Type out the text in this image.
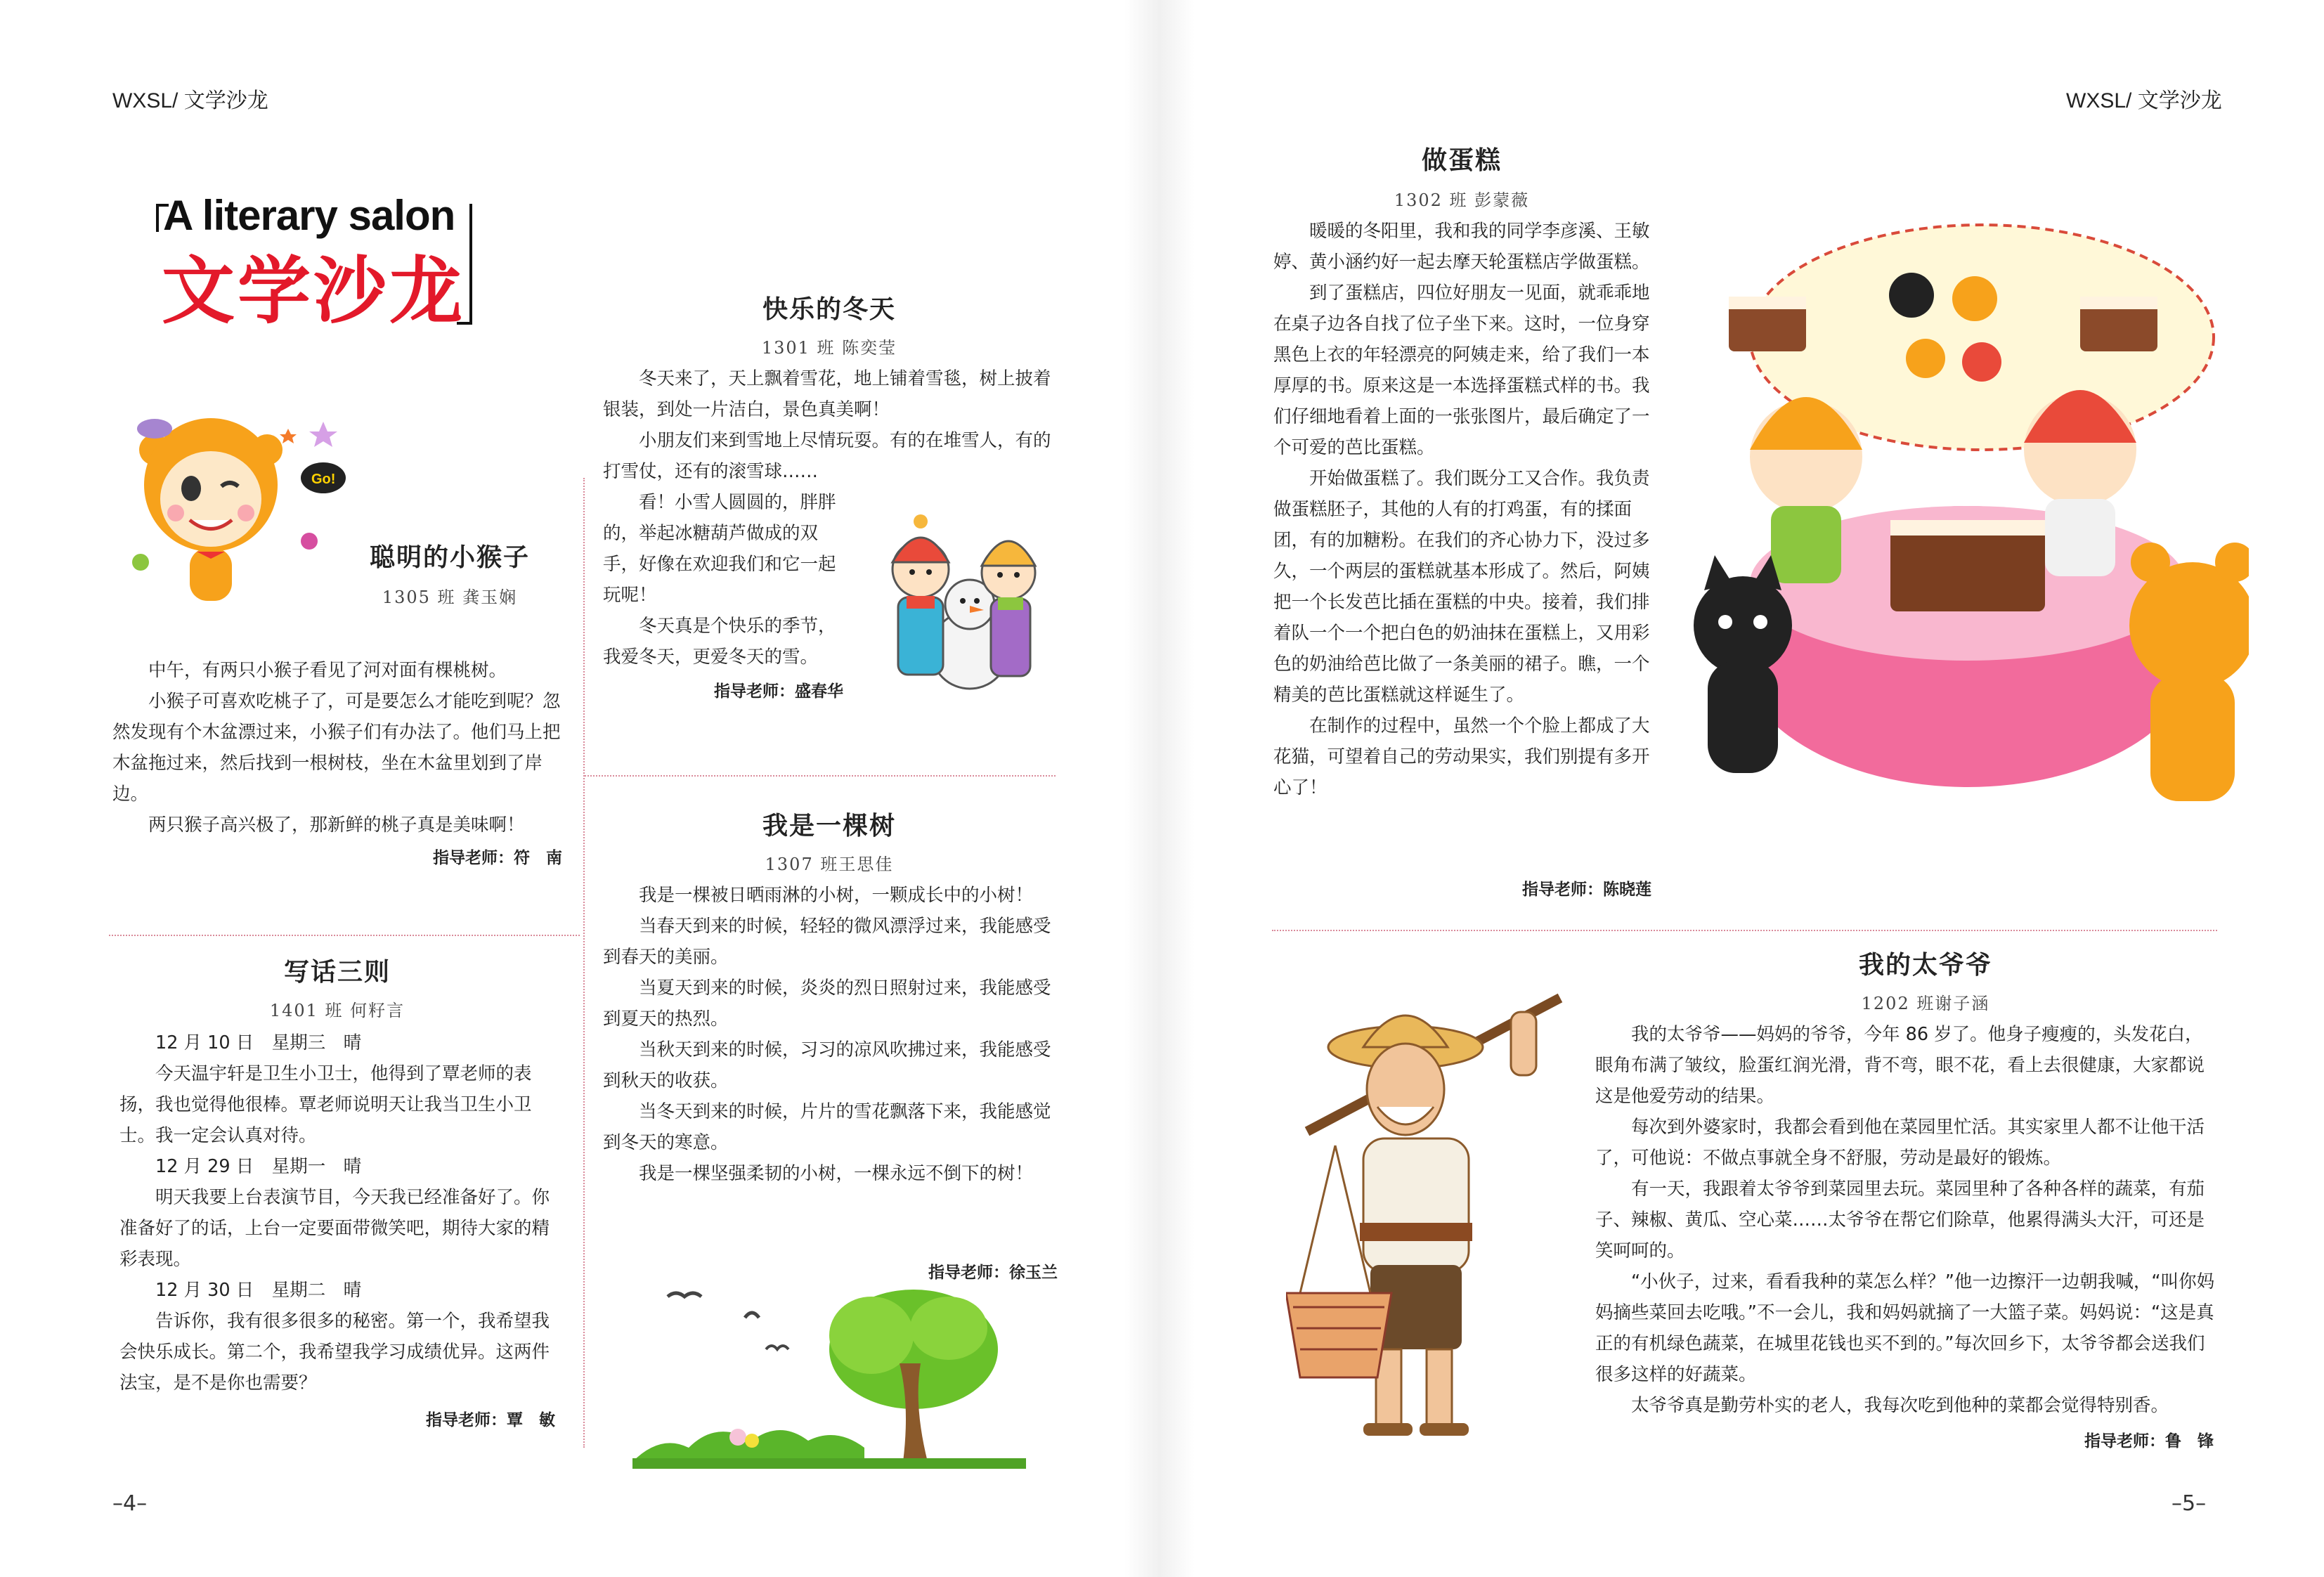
WXSL/ 文学沙龙	WXSL/ 文学沙龙
A literary salon
文学沙龙
Go!
聪明的小猴子
1305 班 龚玉娴

中午，有两只小猴子看见了河对面有棵桃树。

小猴子可喜欢吃桃子了，可是要怎么才能吃到呢？忽然发现有个木盆漂过来，小猴子们有办法了。他们马上把木盆拖过来，然后找到一根树枝，坐在木盆里划到了岸边。

两只猴子高兴极了，那新鲜的桃子真是美味啊！

指导老师：符　南
写话三则
1401 班 何籽言

12 月 10 日　星期三　晴

今天温宇轩是卫生小卫士，他得到了覃老师的表扬，我也觉得他很棒。覃老师说明天让我当卫生小卫士。我一定会认真对待。

12 月 29 日　星期一　晴

明天我要上台表演节目，今天我已经准备好了。你准备好了的话，上台一定要面带微笑吧，期待大家的精彩表现。

12 月 30 日　星期二　晴

告诉你，我有很多很多的秘密。第一个，我希望我会快乐成长。第二个，我希望我学习成绩优异。这两件法宝，是不是你也需要？

指导老师：覃　敏
快乐的冬天
1301 班 陈奕莹

冬天来了，天上飘着雪花，地上铺着雪毯，树上披着银装，到处一片洁白，景色真美啊！

小朋友们来到雪地上尽情玩耍。有的在堆雪人，有的打雪仗，还有的滚雪球……

看！小雪人圆圆的，胖胖的，举起冰糖葫芦做成的双手，好像在欢迎我们和它一起玩呢！

冬天真是个快乐的季节，我爱冬天，更爱冬天的雪。

指导老师：盛春华
我是一棵树
1307 班王思佳

我是一棵被日晒雨淋的小树，一颗成长中的小树！

当春天到来的时候，轻轻的微风漂浮过来，我能感受到春天的美丽。

当夏天到来的时候，炎炎的烈日照射过来，我能感受到夏天的热烈。

当秋天到来的时候，习习的凉风吹拂过来，我能感受到秋天的收获。

当冬天到来的时候，片片的雪花飘落下来，我能感觉到冬天的寒意。

我是一棵坚强柔韧的小树，一棵永远不倒下的树！

指导老师：徐玉兰
做蛋糕
1302 班 彭蒙薇

暖暖的冬阳里，我和我的同学李彦溪、王敏婷、黄小涵约好一起去摩天轮蛋糕店学做蛋糕。

到了蛋糕店，四位好朋友一见面，就乖乖地在桌子边各自找了位子坐下来。这时，一位身穿黑色上衣的年轻漂亮的阿姨走来，给了我们一本厚厚的书。原来这是一本选择蛋糕式样的书。我们仔细地看着上面的一张张图片，最后确定了一个可爱的芭比蛋糕。

开始做蛋糕了。我们既分工又合作。我负责做蛋糕胚子，其他的人有的打鸡蛋，有的揉面团，有的加糖粉。在我们的齐心协力下，没过多久，一个两层的蛋糕就基本形成了。然后，阿姨把一个长发芭比插在蛋糕的中央。接着，我们排着队一个一个把白色的奶油抹在蛋糕上，又用彩色的奶油给芭比做了一条美丽的裙子。瞧，一个精美的芭比蛋糕就这样诞生了。

在制作的过程中，虽然一个个脸上都成了大花猫，可望着自己的劳动果实，我们别提有多开心了！

指导老师：陈晓莲
我的太爷爷
1202 班谢子涵

我的太爷爷——妈妈的爷爷，今年 86 岁了。他身子瘦瘦的，头发花白，眼角布满了皱纹，脸蛋红润光滑，背不弯，眼不花，看上去很健康，大家都说这是他爱劳动的结果。

每次到外婆家时，我都会看到他在菜园里忙活。其实家里人都不让他干活了，可他说：不做点事就全身不舒服，劳动是最好的锻炼。

有一天，我跟着太爷爷到菜园里去玩。菜园里种了各种各样的蔬菜，有茄子、辣椒、黄瓜、空心菜……太爷爷在帮它们除草，他累得满头大汗，可还是笑呵呵的。

“小伙子，过来，看看我种的菜怎么样？”他一边擦汗一边朝我喊，“叫你妈妈摘些菜回去吃哦。”不一会儿，我和妈妈就摘了一大篮子菜。妈妈说：“这是真正的有机绿色蔬菜，在城里花钱也买不到的。”每次回乡下，太爷爷都会送我们很多这样的好蔬菜。

太爷爷真是勤劳朴实的老人，我每次吃到他种的菜都会觉得特别香。

指导老师：鲁　锋
–4–	–5–
